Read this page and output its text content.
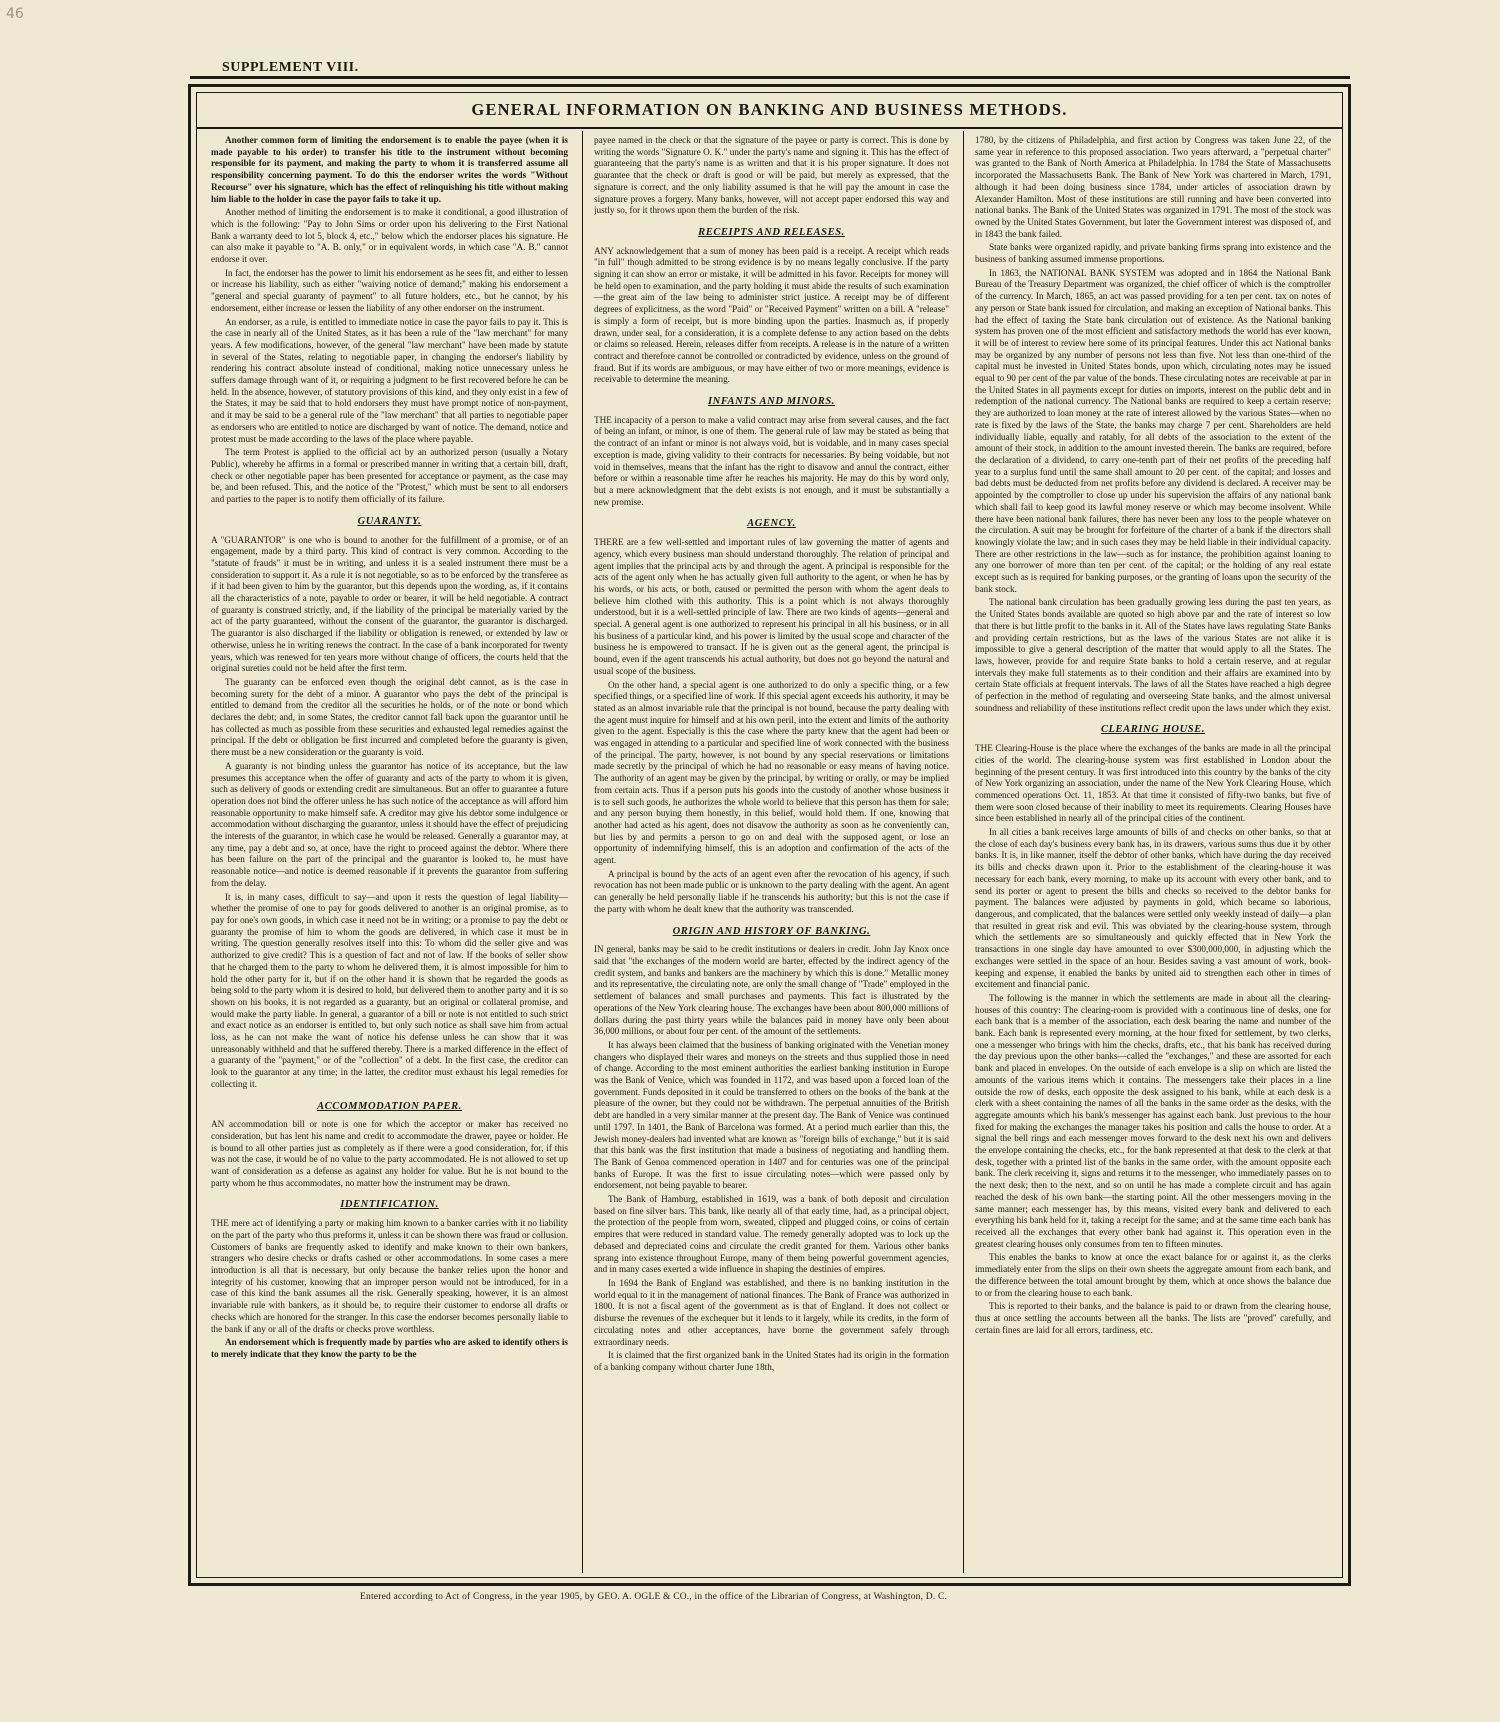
46
SUPPLEMENT VIII.
GENERAL INFORMATION ON BANKING AND BUSINESS METHODS.

Another common form of limiting the endorsement is to enable the payee (when it is made payable to his order) to transfer his title to the instrument without becoming responsible for its payment, and making the party to whom it is transferred assume all responsibility concerning payment. To do this the endorser writes the words "Without Recourse" over his signature, which has the effect of relinquishing his title without making him liable to the holder in case the payor fails to take it up.

Another method of limiting the endorsement is to make it conditional, a good illustration of which is the following: "Pay to John Sims or order upon his delivering to the First National Bank a warranty deed to lot 5, block 4, etc.," below which the endorser places his signature. He can also make it payable to "A. B. only," or in equivalent words, in which case "A. B." cannot endorse it over.

In fact, the endorser has the power to limit his endorsement as he sees fit, and either to lessen or increase his liability, such as either "waiving notice of demand;" making his endorsement a "general and special guaranty of payment" to all future holders, etc., but he cannot, by his endorsement, either increase or lessen the liability of any other endorser on the instrument.

An endorser, as a rule, is entitled to immediate notice in case the payor fails to pay it. This is the case in nearly all of the United States, as it has been a rule of the "law merchant" for many years. A few modifications, however, of the general "law merchant" have been made by statute in several of the States, relating to negotiable paper, in changing the endorser's liability by rendering his contract absolute instead of conditional, making notice unnecessary unless he suffers damage through want of it, or requiring a judgment to be first recovered before he can be held. In the absence, however, of statutory provisions of this kind, and they only exist in a few of the States, it may be said that to hold endorsers they must have prompt notice of non-payment, and it may be said to be a general rule of the "law merchant" that all parties to negotiable paper as endorsers who are entitled to notice are discharged by want of notice. The demand, notice and protest must be made according to the laws of the place where payable.

The term Protest is applied to the official act by an authorized person (usually a Notary Public), whereby he affirms in a formal or prescribed manner in writing that a certain bill, draft, check or other negotiable paper has been presented for acceptance or payment, as the case may be, and been refused. This, and the notice of the "Protest," which must be sent to all endorsers and parties to the paper is to notify them officially of its failure.

GUARANTY.

A "GUARANTOR" is one who is bound to another for the fulfillment of a promise, or of an engagement, made by a third party. This kind of contract is very common. According to the "statute of frauds" it must be in writing, and unless it is a sealed instrument there must be a consideration to support it. As a rule it is not negotiable, so as to be enforced by the transferee as if it had been given to him by the guarantor, but this depends upon the wording, as, if it contains all the characteristics of a note, payable to order or bearer, it will be held negotiable. A contract of guaranty is construed strictly, and, if the liability of the principal be materially varied by the act of the party guaranteed, without the consent of the guarantor, the guarantor is discharged. The guarantor is also discharged if the liability or obligation is renewed, or extended by law or otherwise, unless he in writing renews the contract. In the case of a bank incorporated for twenty years, which was renewed for ten years more without change of officers, the courts held that the original sureties could not be held after the first term.

The guaranty can be enforced even though the original debt cannot, as is the case in becoming surety for the debt of a minor. A guarantor who pays the debt of the principal is entitled to demand from the creditor all the securities he holds, or of the note or bond which declares the debt; and, in some States, the creditor cannot fall back upon the guarantor until he has collected as much as possible from these securities and exhausted legal remedies against the principal. If the debt or obligation be first incurred and completed before the guaranty is given, there must be a new consideration or the guaranty is void.

A guaranty is not binding unless the guarantor has notice of its acceptance, but the law presumes this acceptance when the offer of guaranty and acts of the party to whom it is given, such as delivery of goods or extending credit are simultaneous. But an offer to guarantee a future operation does not bind the offerer unless he has such notice of the acceptance as will afford him reasonable opportunity to make himself safe. A creditor may give his debtor some indulgence or accommodation without discharging the guarantor, unless it should have the effect of prejudicing the interests of the guarantor, in which case he would be released. Generally a guarantor may, at any time, pay a debt and so, at once, have the right to proceed against the debtor. Where there has been failure on the part of the principal and the guarantor is looked to, he must have reasonable notice—and notice is deemed reasonable if it prevents the guarantor from suffering from the delay.

It is, in many cases, difficult to say—and upon it rests the question of legal liability—whether the promise of one to pay for goods delivered to another is an original promise, as to pay for one's own goods, in which case it need not be in writing; or a promise to pay the debt or guaranty the promise of him to whom the goods are delivered, in which case it must be in writing. The question generally resolves itself into this: To whom did the seller give and was authorized to give credit? This is a question of fact and not of law. If the books of seller show that he charged them to the party to whom he delivered them, it is almost impossible for him to hold the other party for it, but if on the other hand it is shown that he regarded the goods as being sold to the party whom it is desired to hold, but delivered them to another party and it is so shown on his books, it is not regarded as a guaranty, but an original or collateral promise, and would make the party liable. In general, a guarantor of a bill or note is not entitled to such strict and exact notice as an endorser is entitled to, but only such notice as shall save him from actual loss, as he can not make the want of notice his defense unless he can show that it was unreasonably withheld and that he suffered thereby. There is a marked difference in the effect of a guaranty of the "payment," or of the "collection" of a debt. In the first case, the creditor can look to the guarantor at any time; in the latter, the creditor must exhaust his legal remedies for collecting it.

ACCOMMODATION PAPER.

AN accommodation bill or note is one for which the acceptor or maker has received no consideration, but has lent his name and credit to accommodate the drawer, payee or holder. He is bound to all other parties just as completely as if there were a good consideration, for, if this was not the case, it would be of no value to the party accommodated. He is not allowed to set up want of consideration as a defense as against any holder for value. But he is not bound to the party whom he thus accommodates, no matter how the instrument may be drawn.

IDENTIFICATION.

THE mere act of identifying a party or making him known to a banker carries with it no liability on the part of the party who thus preforms it, unless it can be shown there was fraud or collusion. Customers of banks are frequently asked to identify and make known to their own bankers, strangers who desire checks or drafts cashed or other accommodations. In some cases a mere introduction is all that is necessary, but only because the banker relies upon the honor and integrity of his customer, knowing that an improper person would not be introduced, for in a case of this kind the bank assumes all the risk. Generally speaking, however, it is an almost invariable rule with bankers, as it should be, to require their customer to endorse all drafts or checks which are honored for the stranger. In this case the endorser becomes personally liable to the bank if any or all of the drafts or checks prove worthless.

An endorsement which is frequently made by parties who are asked to identify others is to merely indicate that they know the party to be the

payee named in the check or that the signature of the payee or party is correct. This is done by writing the words "Signature O. K." under the party's name and signing it. This has the effect of guaranteeing that the party's name is as written and that it is his proper signature. It does not guarantee that the check or draft is good or will be paid, but merely as expressed, that the signature is correct, and the only liability assumed is that he will pay the amount in case the signature proves a forgery. Many banks, however, will not accept paper endorsed this way and justly so, for it throws upon them the burden of the risk.

RECEIPTS AND RELEASES.

ANY acknowledgement that a sum of money has been paid is a receipt. A receipt which reads "in full" though admitted to be strong evidence is by no means legally conclusive. If the party signing it can show an error or mistake, it will be admitted in his favor. Receipts for money will be held open to examination, and the party holding it must abide the results of such examination—the great aim of the law being to administer strict justice. A receipt may be of different degrees of explicitness, as the word "Paid" or "Received Payment" written on a bill. A "release" is simply a form of receipt, but is more binding upon the parties. Inasmuch as, if properly drawn, under seal, for a consideration, it is a complete defense to any action based on the debts or claims so released. Herein, releases differ from receipts. A release is in the nature of a written contract and therefore cannot be controlled or contradicted by evidence, unless on the ground of fraud. But if its words are ambiguous, or may have either of two or more meanings, evidence is receivable to determine the meaning.

INFANTS AND MINORS.

THE incapacity of a person to make a valid contract may arise from several causes, and the fact of being an infant, or minor, is one of them. The general rule of law may be stated as being that the contract of an infant or minor is not always void, but is voidable, and in many cases special exception is made, giving validity to their contracts for necessaries. By being voidable, but not void in themselves, means that the infant has the right to disavow and annul the contract, either before or within a reasonable time after he reaches his majority. He may do this by word only, but a mere acknowledgment that the debt exists is not enough, and it must be substantially a new promise.

AGENCY.

THERE are a few well-settled and important rules of law governing the matter of agents and agency, which every business man should understand thoroughly. The relation of principal and agent implies that the principal acts by and through the agent. A principal is responsible for the acts of the agent only when he has actually given full authority to the agent, or when he has by his words, or his acts, or both, caused or permitted the person with whom the agent deals to believe him clothed with this authority. This is a point which is not always thoroughly understood, but it is a well-settled principle of law. There are two kinds of agents—general and special. A general agent is one authorized to represent his principal in all his business, or in all his business of a particular kind, and his power is limited by the usual scope and character of the business he is empowered to transact. If he is given out as the general agent, the principal is bound, even if the agent transcends his actual authority, but does not go beyond the natural and usual scope of the business.

On the other hand, a special agent is one authorized to do only a specific thing, or a few specified things, or a specified line of work. If this special agent exceeds his authority, it may be stated as an almost invariable rule that the principal is not bound, because the party dealing with the agent must inquire for himself and at his own peril, into the extent and limits of the authority given to the agent. Especially is this the case where the party knew that the agent had been or was engaged in attending to a particular and specified line of work connected with the business of the principal. The party, however, is not bound by any special reservations or limitations made secretly by the principal of which he had no reasonable or easy means of having notice. The authority of an agent may be given by the principal, by writing or orally, or may be implied from certain acts. Thus if a person puts his goods into the custody of another whose business it is to sell such goods, he authorizes the whole world to believe that this person has them for sale; and any person buying them honestly, in this belief, would hold them. If one, knowing that another had acted as his agent, does not disavow the authority as soon as he conveniently can, but lies by and permits a person to go on and deal with the supposed agent, or lose an opportunity of indemnifying himself, this is an adoption and confirmation of the acts of the agent.

A principal is bound by the acts of an agent even after the revocation of his agency, if such revocation has not been made public or is unknown to the party dealing with the agent. An agent can generally be held personally liable if he transcends his authority; but this is not the case if the party with whom he dealt knew that the authority was transcended.

ORIGIN AND HISTORY OF BANKING.

IN general, banks may be said to be credit institutions or dealers in credit. John Jay Knox once said that "the exchanges of the modern world are barter, effected by the indirect agency of the credit system, and banks and bankers are the machinery by which this is done." Metallic money and its representative, the circulating note, are only the small change of "Trade" employed in the settlement of balances and small purchases and payments. This fact is illustrated by the operations of the New York clearing house. The exchanges have been about 800,000 millions of dollars during the past thirty years while the balances paid in money have only been about 36,000 millions, or about four per cent. of the amount of the settlements.

It has always been claimed that the business of banking originated with the Venetian money changers who displayed their wares and moneys on the streets and thus supplied those in need of change. According to the most eminent authorities the earliest banking institution in Europe was the Bank of Venice, which was founded in 1172, and was based upon a forced loan of the government. Funds deposited in it could be transferred to others on the books of the bank at the pleasure of the owner, but they could not be withdrawn. The perpetual annuities of the British debt are handled in a very similar manner at the present day. The Bank of Venice was continued until 1797. In 1401, the Bank of Barcelona was formed. At a period much earlier than this, the Jewish money-dealers had invented what are known as "foreign bills of exchange," but it is said that this bank was the first institution that made a business of negotiating and handling them. The Bank of Genoa commenced operation in 1407 and for centuries was one of the principal banks of Europe. It was the first to issue circulating notes—which were passed only by endorsement, not being payable to bearer.

The Bank of Hamburg, established in 1619, was a bank of both deposit and circulation based on fine silver bars. This bank, like nearly all of that early time, had, as a principal object, the protection of the people from worn, sweated, clipped and plugged coins, or coins of certain empires that were reduced in standard value. The remedy generally adopted was to lock up the debased and depreciated coins and circulate the credit granted for them. Various other banks sprang into existence throughout Europe, many of them being powerful government agencies, and in many cases exerted a wide influence in shaping the destinies of empires.

In 1694 the Bank of England was established, and there is no banking institution in the world equal to it in the management of national finances. The Bank of France was authorized in 1800. It is not a fiscal agent of the government as is that of England. It does not collect or disburse the revenues of the exchequer but it lends to it largely, while its credits, in the form of circulating notes and other acceptances, have borne the government safely through extraordinary needs.

It is claimed that the first organized bank in the United States had its origin in the formation of a banking company without charter June 18th,

1780, by the citizens of Philadelphia, and first action by Congress was taken June 22, of the same year in reference to this proposed association. Two years afterward, a "perpetual charter" was granted to the Bank of North America at Philadelphia. In 1784 the State of Massachusetts incorporated the Massachusetts Bank. The Bank of New York was chartered in March, 1791, although it had been doing business since 1784, under articles of association drawn by Alexander Hamilton. Most of these institutions are still running and have been converted into national banks. The Bank of the United States was organized in 1791. The most of the stock was owned by the United States Government, but later the Government interest was disposed of, and in 1843 the bank failed.

State banks were organized rapidly, and private banking firms sprang into existence and the business of banking assumed immense proportions.

In 1863, the NATIONAL BANK SYSTEM was adopted and in 1864 the National Bank Bureau of the Treasury Department was organized, the chief officer of which is the comptroller of the currency. In March, 1865, an act was passed providing for a ten per cent. tax on notes of any person or State bank issued for circulation, and making an exception of National banks. This had the effect of taxing the State bank circulation out of existence. As the National banking system has proven one of the most efficient and satisfactory methods the world has ever known, it will be of interest to review here some of its principal features. Under this act National banks may be organized by any number of persons not less than five. Not less than one-third of the capital must be invested in United States bonds, upon which, circulating notes may be issued equal to 90 per cent of the par value of the bonds. These circulating notes are receivable at par in the United States in all payments except for duties on imports, interest on the public debt and in redemption of the national currency. The National banks are required to keep a certain reserve; they are authorized to loan money at the rate of interest allowed by the various States—when no rate is fixed by the laws of the State, the banks may charge 7 per cent. Shareholders are held individually liable, equally and ratably, for all debts of the association to the extent of the amount of their stock, in addition to the amount invested therein. The banks are required, before the declaration of a dividend, to carry one-tenth part of their net profits of the preceding half year to a surplus fund until the same shall amount to 20 per cent. of the capital; and losses and bad debts must be deducted from net profits before any dividend is declared. A receiver may be appointed by the comptroller to close up under his supervision the affairs of any national bank which shall fail to keep good its lawful money reserve or which may become insolvent. While there have been national bank failures, there has never been any loss to the people whatever on the circulation. A suit may be brought for forfeiture of the charter of a bank if the directors shall knowingly violate the law; and in such cases they may be held liable in their individual capacity. There are other restrictions in the law—such as for instance, the prohibition against loaning to any one borrower of more than ten per cent. of the capital; or the holding of any real estate except such as is required for banking purposes, or the granting of loans upon the security of the bank stock.

The national bank circulation has been gradually growing less during the past ten years, as the United States bonds available are quoted so high above par and the rate of interest so low that there is but little profit to the banks in it. All of the States have laws regulating State Banks and providing certain restrictions, but as the laws of the various States are not alike it is impossible to give a general description of the matter that would apply to all the States. The laws, however, provide for and require State banks to hold a certain reserve, and at regular intervals they make full statements as to their condition and their affairs are examined into by certain State officials at frequent intervals. The laws of all the States have reached a high degree of perfection in the method of regulating and overseeing State banks, and the almost universal soundness and reliability of these institutions reflect credit upon the laws under which they exist.

CLEARING HOUSE.

THE Clearing-House is the place where the exchanges of the banks are made in all the principal cities of the world. The clearing-house system was first established in London about the beginning of the present century. It was first introduced into this country by the banks of the city of New York organizing an association, under the name of the New York Clearing House, which commenced operations Oct. 11, 1853. At that time it consisted of fifty-two banks, but five of them were soon closed because of their inability to meet its requirements. Clearing Houses have since been established in nearly all of the principal cities of the continent.

In all cities a bank receives large amounts of bills of and checks on other banks, so that at the close of each day's business every bank has, in its drawers, various sums thus due it by other banks. It is, in like manner, itself the debtor of other banks, which have during the day received its bills and checks drawn upon it. Prior to the establishment of the clearing-house it was necessary for each bank, every morning, to make up its account with every other bank, and to send its porter or agent to present the bills and checks so received to the debtor banks for payment. The balances were adjusted by payments in gold, which became so laborious, dangerous, and complicated, that the balances were settled only weekly instead of daily—a plan that resulted in great risk and evil. This was obviated by the clearing-house system, through which the settlements are so simultaneously and quickly effected that in New York the transactions in one single day have amounted to over $300,000,000, in adjusting which the exchanges were settled in the space of an hour. Besides saving a vast amount of work, book-keeping and expense, it enabled the banks by united aid to strengthen each other in times of excitement and financial panic.

The following is the manner in which the settlements are made in about all the clearing-houses of this country: The clearing-room is provided with a continuous line of desks, one for each bank that is a member of the association, each desk bearing the name and number of the bank. Each bank is represented every morning, at the hour fixed for settlement, by two clerks, one a messenger who brings with him the checks, drafts, etc., that his bank has received during the day previous upon the other banks—called the "exchanges," and these are assorted for each bank and placed in envelopes. On the outside of each envelope is a slip on which are listed the amounts of the various items which it contains. The messengers take their places in a line outside the row of desks, each opposite the desk assigned to his bank, while at each desk is a clerk with a sheet containing the names of all the banks in the same order as the desks, with the aggregate amounts which his bank's messenger has against each bank. Just previous to the hour fixed for making the exchanges the manager takes his position and calls the house to order. At a signal the bell rings and each messenger moves forward to the desk next his own and delivers the envelope containing the checks, etc., for the bank represented at that desk to the clerk at that desk, together with a printed list of the banks in the same order, with the amount opposite each bank. The clerk receiving it, signs and returns it to the messenger, who immediately passes on to the next desk; then to the next, and so on until he has made a complete circuit and has again reached the desk of his own bank—the starting point. All the other messengers moving in the same manner; each messenger has, by this means, visited every bank and delivered to each everything his bank held for it, taking a receipt for the same; and at the same time each bank has received all the exchanges that every other bank had against it. This operation even in the greatest clearing houses only consumes from ten to fifteen minutes.

This enables the banks to know at once the exact balance for or against it, as the clerks immediately enter from the slips on their own sheets the aggregate amount from each bank, and the difference between the total amount brought by them, which at once shows the balance due to or from the clearing house to each bank.

This is reported to their banks, and the balance is paid to or drawn from the clearing house, thus at once settling the accounts between all the banks. The lists are "proved" carefully, and certain fines are laid for all errors, tardiness, etc.

Entered according to Act of Congress, in the year 1905, by GEO. A. OGLE & CO., in the office of the Librarian of Congress, at Washington, D. C.
